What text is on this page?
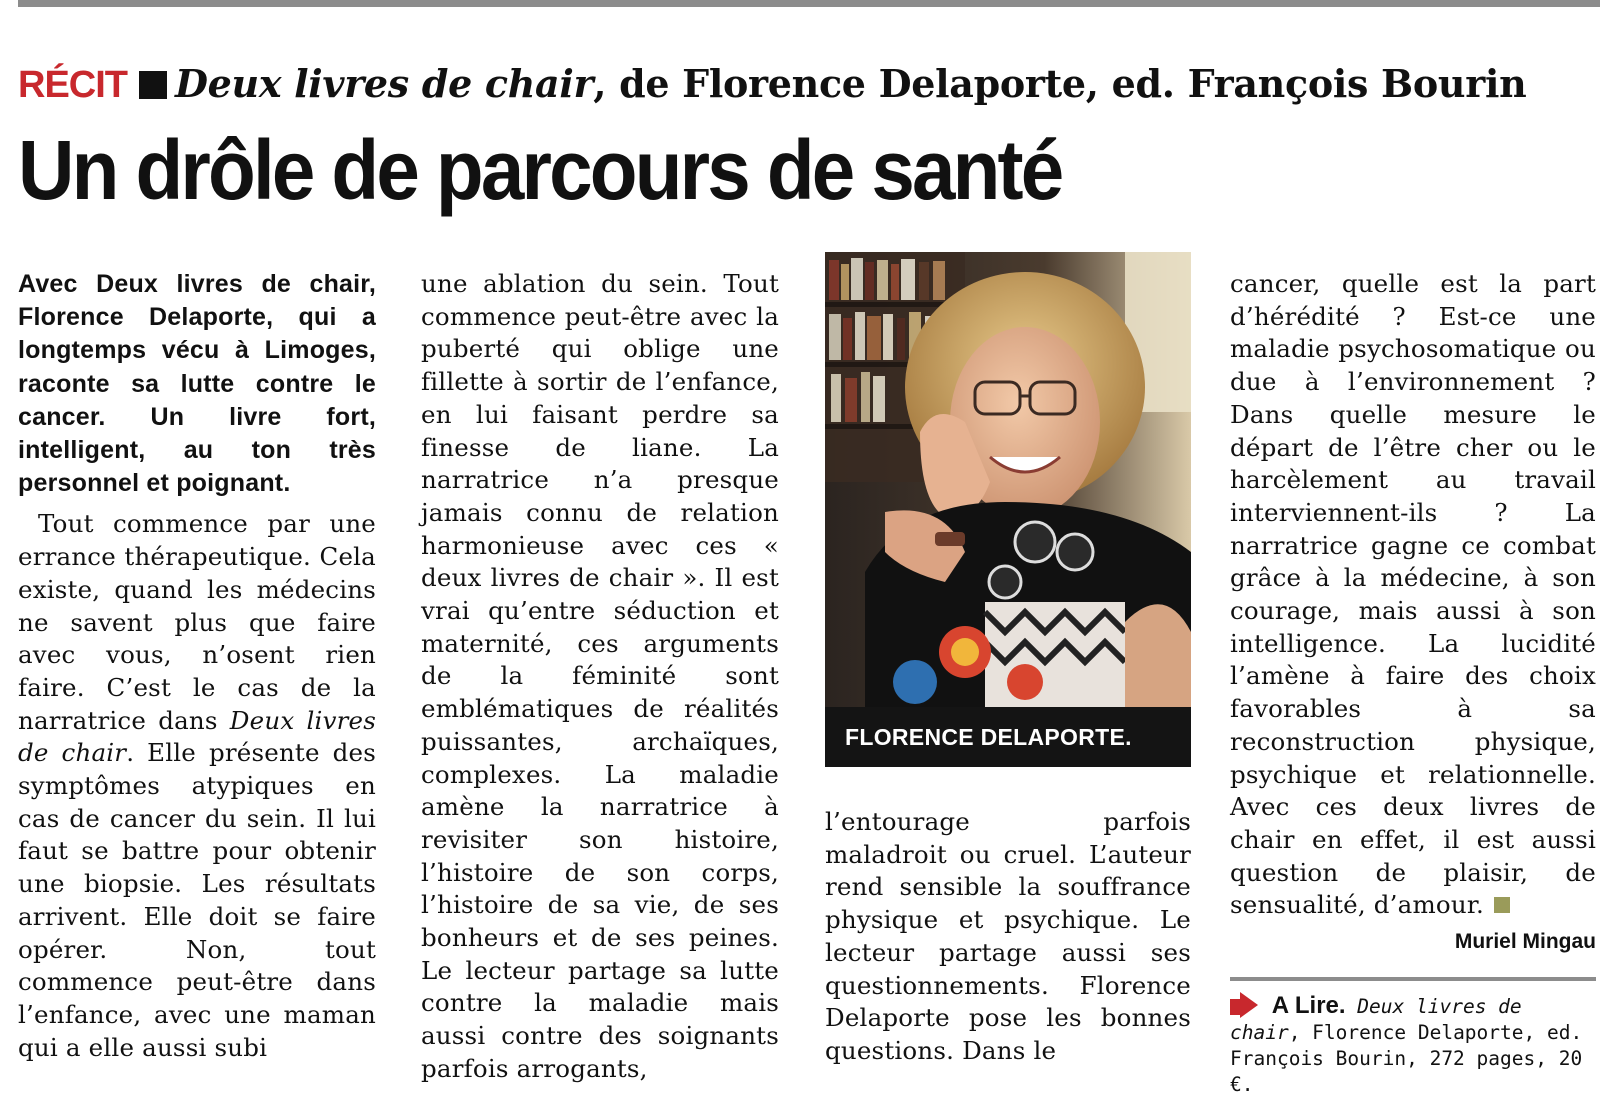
RÉCIT Deux livres de chair, de Florence Delaporte, ed. François Bourin
Un drôle de parcours de santé

Avec Deux livres de chair, Florence Delaporte, qui a longtemps vécu à Limoges, raconte sa lutte contre le cancer. Un livre fort, intelligent, au ton très personnel et poignant.

Tout commence par une errance thérapeutique. Cela existe, quand les médecins ne savent plus que faire avec vous, n’osent rien faire. C’est le cas de la narratrice dans Deux livres de chair. Elle présente des symptômes atypiques en cas de cancer du sein. Il lui faut se battre pour obtenir une biopsie. Les résultats arrivent. Elle doit se faire opérer. Non, tout commence peut-être dans l’enfance, avec une maman qui a elle aussi subi

une ablation du sein. Tout commence peut-être avec la puberté qui oblige une fillette à sortir de l’enfance, en lui faisant perdre sa finesse de liane. La narratrice n’a presque jamais connu de relation harmonieuse avec ces « deux livres de chair ». Il est vrai qu’entre séduction et maternité, ces arguments de la féminité sont emblématiques de réalités puissantes, archaïques, complexes. La maladie amène la narratrice à revisiter son histoire, l’histoire de son corps, l’histoire de sa vie, de ses bonheurs et de ses peines. Le lecteur partage sa lutte contre la maladie mais aussi contre des soignants parfois arrogants,

FLORENCE DELAPORTE.

l’entourage parfois maladroit ou cruel. L’auteur rend sensible la souffrance physique et psychique. Le lecteur partage aussi ses questionnements. Florence Delaporte pose les bonnes questions. Dans le

cancer, quelle est la part d’hérédité ? Est-ce une maladie psychosomatique ou due à l’environnement ? Dans quelle mesure le départ de l’être cher ou le harcèlement au travail interviennent-ils ? La narratrice gagne ce combat grâce à la médecine, à son courage, mais aussi à son intelligence. La lucidité l’amène à faire des choix favorables à sa reconstruction physique, psychique et relationnelle. Avec ces deux livres de chair en effet, il est aussi question de plaisir, de sensualité, d’amour.

Muriel Mingau
A Lire. Deux livres de chair, Florence Delaporte, ed. François Bourin, 272 pages, 20 €.
